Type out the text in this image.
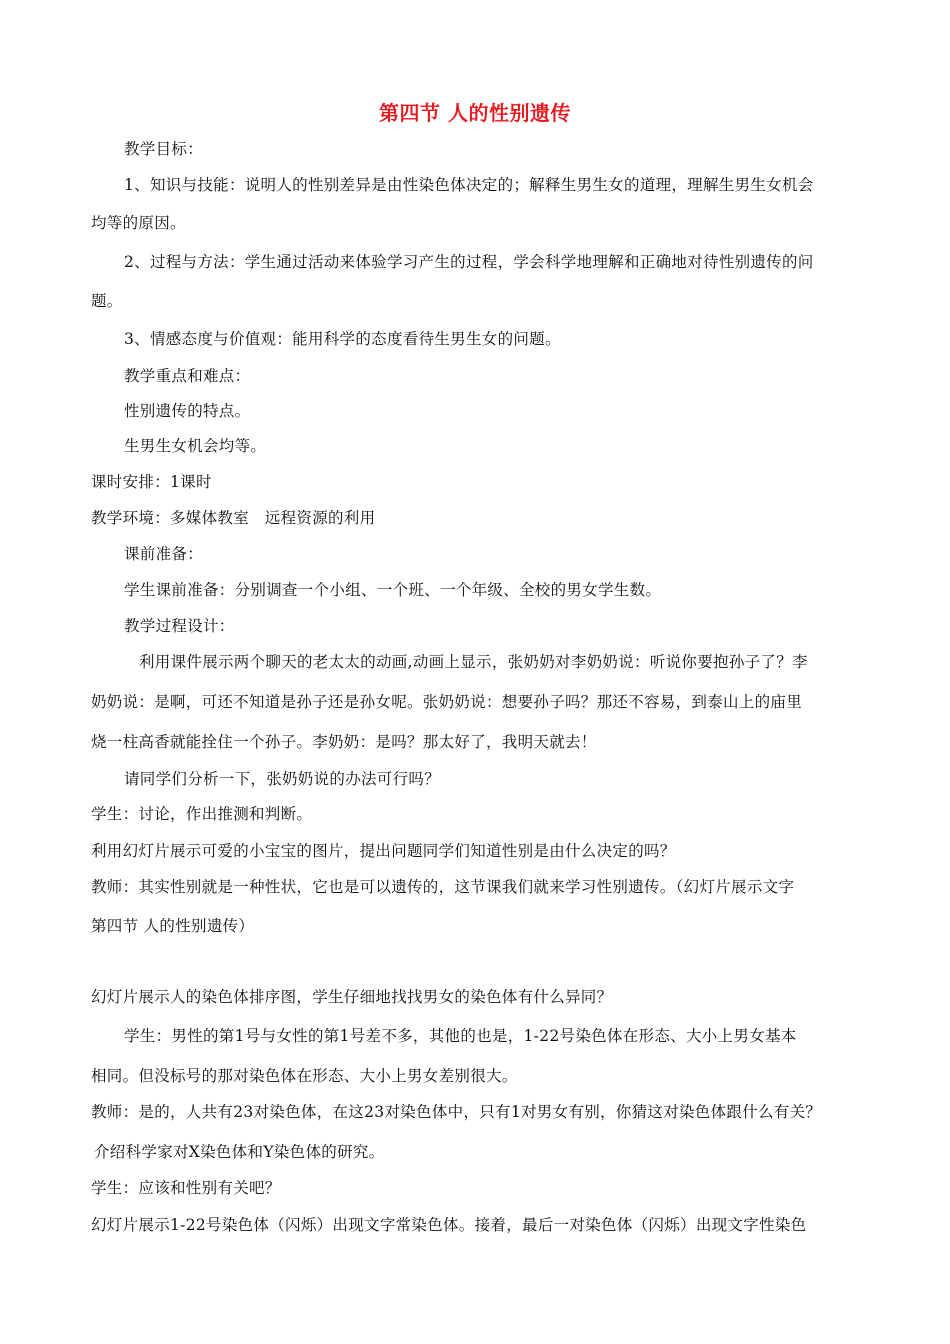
第四节 人的性别遗传
教学目标：
1、知识与技能：说明人的性别差异是由性染色体决定的；解释生男生女的道理，理解生男生女机会
均等的原因。
2、过程与方法：学生通过活动来体验学习产生的过程，学会科学地理解和正确地对待性别遗传的问
题。
3、情感态度与价值观：能用科学的态度看待生男生女的问题。
教学重点和难点：
性别遗传的特点。
生男生女机会均等。
课时安排：1课时
教学环境：多媒体教室　远程资源的利用
课前准备：
学生课前准备：分别调查一个小组、一个班、一个年级、全校的男女学生数。
教学过程设计：
利用课件展示两个聊天的老太太的动画,动画上显示，张奶奶对李奶奶说：听说你要抱孙子了？李
奶奶说：是啊，可还不知道是孙子还是孙女呢。张奶奶说：想要孙子吗？那还不容易，到泰山上的庙里
烧一柱高香就能拴住一个孙子。李奶奶：是吗？那太好了，我明天就去！
请同学们分析一下，张奶奶说的办法可行吗？
学生：讨论，作出推测和判断。
利用幻灯片展示可爱的小宝宝的图片，提出问题同学们知道性别是由什么决定的吗？
教师：其实性别就是一种性状，它也是可以遗传的，这节课我们就来学习性别遗传。（幻灯片展示文字
第四节 人的性别遗传）
幻灯片展示人的染色体排序图，学生仔细地找找男女的染色体有什么异同？
学生：男性的第1号与女性的第1号差不多，其他的也是，1-22号染色体在形态、大小上男女基本
相同。但没标号的那对染色体在形态、大小上男女差别很大。
教师：是的，人共有23对染色体，在这23对染色体中，只有1对男女有别，你猜这对染色体跟什么有关？
介绍科学家对X染色体和Y染色体的研究。
学生：应该和性别有关吧？
幻灯片展示1-22号染色体（闪烁）出现文字常染色体。接着，最后一对染色体（闪烁）出现文字性染色
